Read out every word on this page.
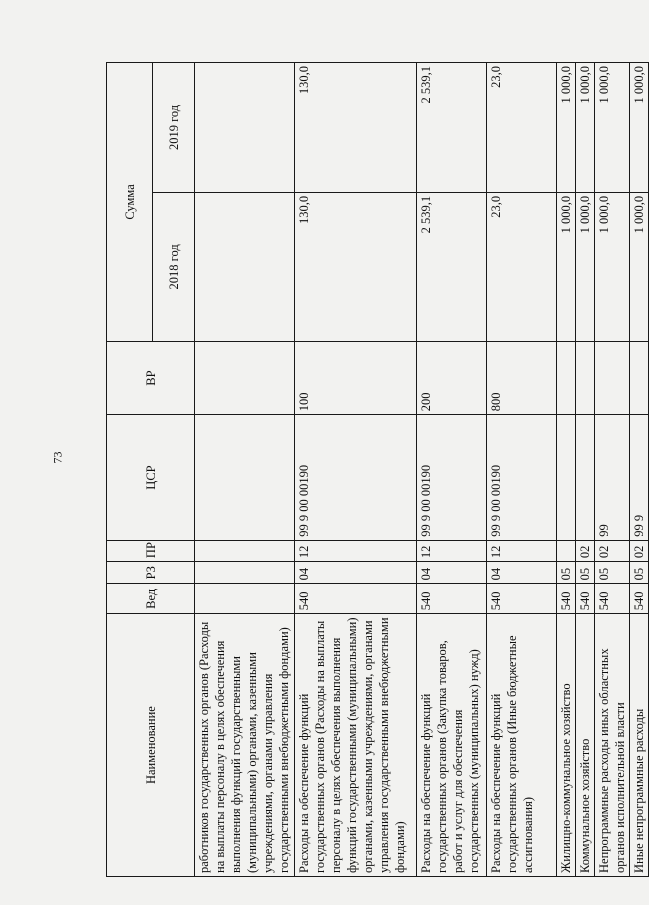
73
Наименование	Вед	РЗ	ПР	ЦСР	ВР	Сумма	
						2018 год	2019 год
работников государственных органов (Расходы на выплаты персоналу в целях обеспечения выполнения функций государственными (муниципальными) органами, казенными учреждениями, органами управления государственными внебюджетными фондами)							
Расходы на обеспечение функций государственных органов (Расходы на выплаты персоналу в целях обеспечения выполнения функций государственными (муниципальными) органами, казенными учреждениями, органами управления государственными внебюджетными фондами)	540	04	12	99 9 00 00190	100	130,0	130,0
Расходы на обеспечение функций государственных органов (Закупка товаров, работ и услуг для обеспечения государственных (муниципальных) нужд)	540	04	12	99 9 00 00190	200	2 539,1	2 539,1
Расходы на обеспечение функций государственных органов (Иные бюджетные ассигнования)	540	04	12	99 9 00 00190	800	23,0	23,0
Жилищно-коммунальное хозяйство	540	05				1 000,0	1 000,0
Коммунальное хозяйство	540	05	02			1 000,0	1 000,0
Непрограммные расходы иных областных органов исполнительной власти	540	05	02	99		1 000,0	1 000,0
Иные непрограммные расходы	540	05	02	99 9		1 000,0	1 000,0
